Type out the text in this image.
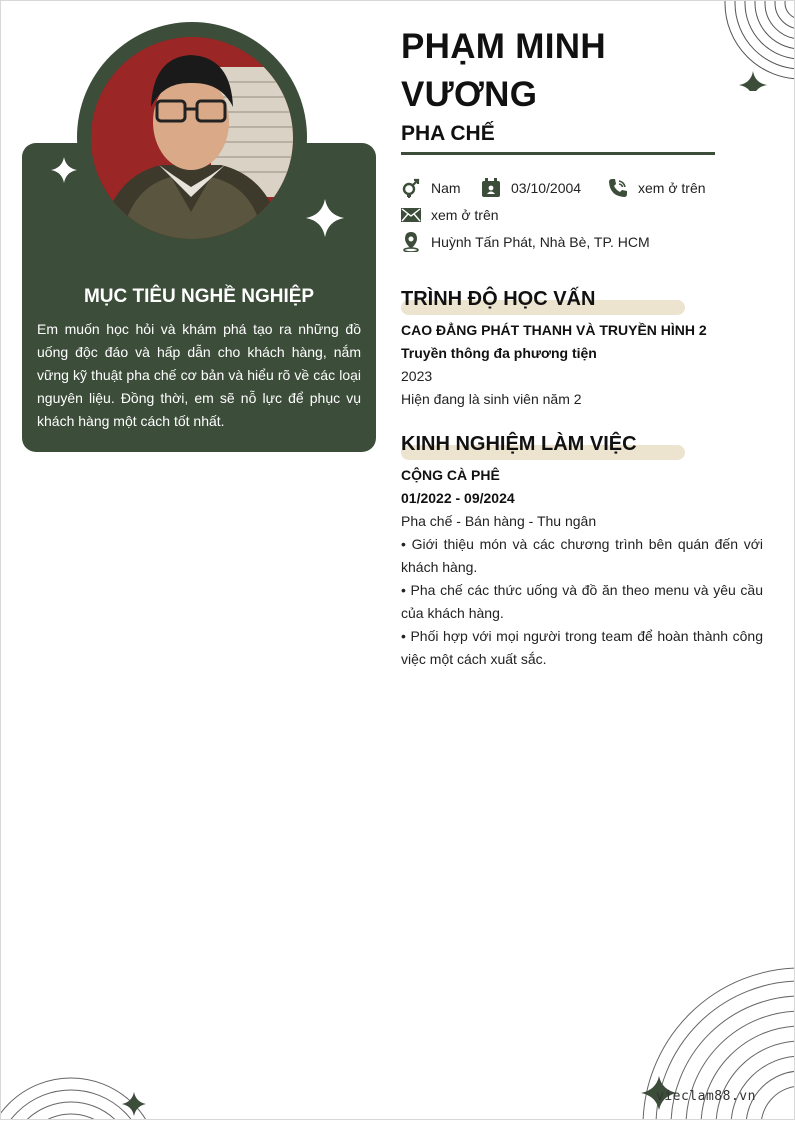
MỤC TIÊU NGHỀ NGHIỆP
Em muốn học hỏi và khám phá tạo ra những đồ uống độc đáo và hấp dẫn cho khách hàng, nắm vững kỹ thuật pha chế cơ bản và hiểu rõ về các loại nguyên liệu. Đồng thời, em sẽ nỗ lực để phục vụ khách hàng một cách tốt nhất.
PHẠM MINH
VƯƠNG
PHA CHẾ
Nam	03/10/2004	xem ở trên
xem ở trên
Huỳnh Tấn Phát, Nhà Bè, TP. HCM
TRÌNH ĐỘ HỌC VẤN
CAO ĐẲNG PHÁT THANH VÀ TRUYỀN HÌNH 2
Truyền thông đa phương tiện
2023
Hiện đang là sinh viên năm 2
KINH NGHIỆM LÀM VIỆC
CỘNG CÀ PHÊ
01/2022 - 09/2024
Pha chế - Bán hàng - Thu ngân
• Giới thiệu món và các chương trình bên quán đến với khách hàng.
• Pha chế các thức uống và đồ ăn theo menu và yêu cầu của khách hàng.
• Phối hợp với mọi người trong team để hoàn thành công việc một cách xuất sắc.
vieclam88.vn
